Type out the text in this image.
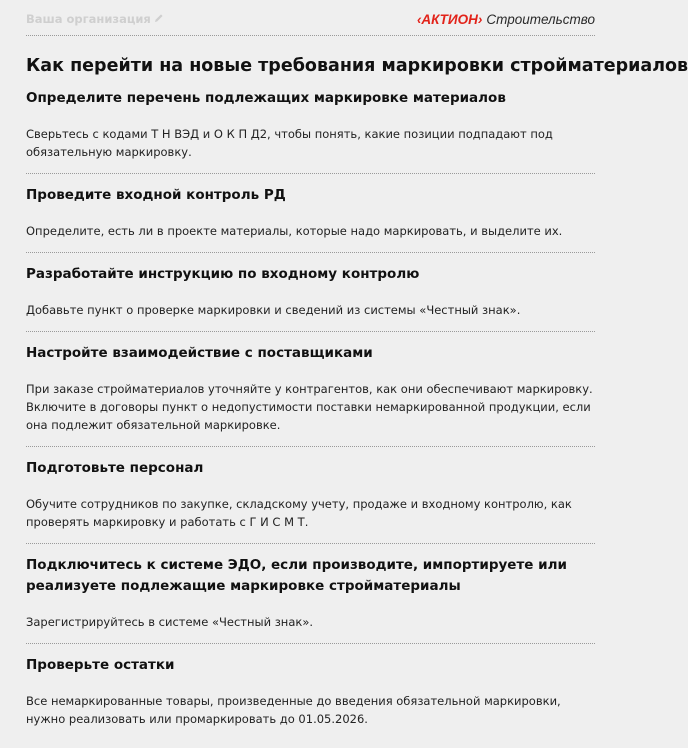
Ваша организация	‹АКТИОН› Строительство
Как перейти на новые требования маркировки стройматериалов
Определите перечень подлежащих маркировке материалов

Сверьтесь с кодами Т Н ВЭД и О К П Д2, чтобы понять, какие позиции подпадают под обязательную маркировку.

Проведите входной контроль РД

Определите, есть ли в проекте материалы, которые надо маркировать, и выделите их.

Разработайте инструкцию по входному контролю

Добавьте пункт о проверке маркировки и сведений из системы «Честный знак».

Настройте взаимодействие с поставщиками

При заказе стройматериалов уточняйте у контрагентов, как они обеспечивают маркировку. Включите в договоры пункт о недопустимости поставки немаркированной продукции, если она подлежит обязательной маркировке.

Подготовьте персонал

Обучите сотрудников по закупке, складскому учету, продаже и входному контролю, как проверять маркировку и работать с Г И С М Т.

Подключитесь к системе ЭДО, если производите, импортируете или реализуете подлежащие маркировке стройматериалы

Зарегистрируйтесь в системе «Честный знак».

Проверьте остатки

Все немаркированные товары, произведенные до введения обязательной маркировки, нужно реализовать или промаркировать до 01.05.2026.
